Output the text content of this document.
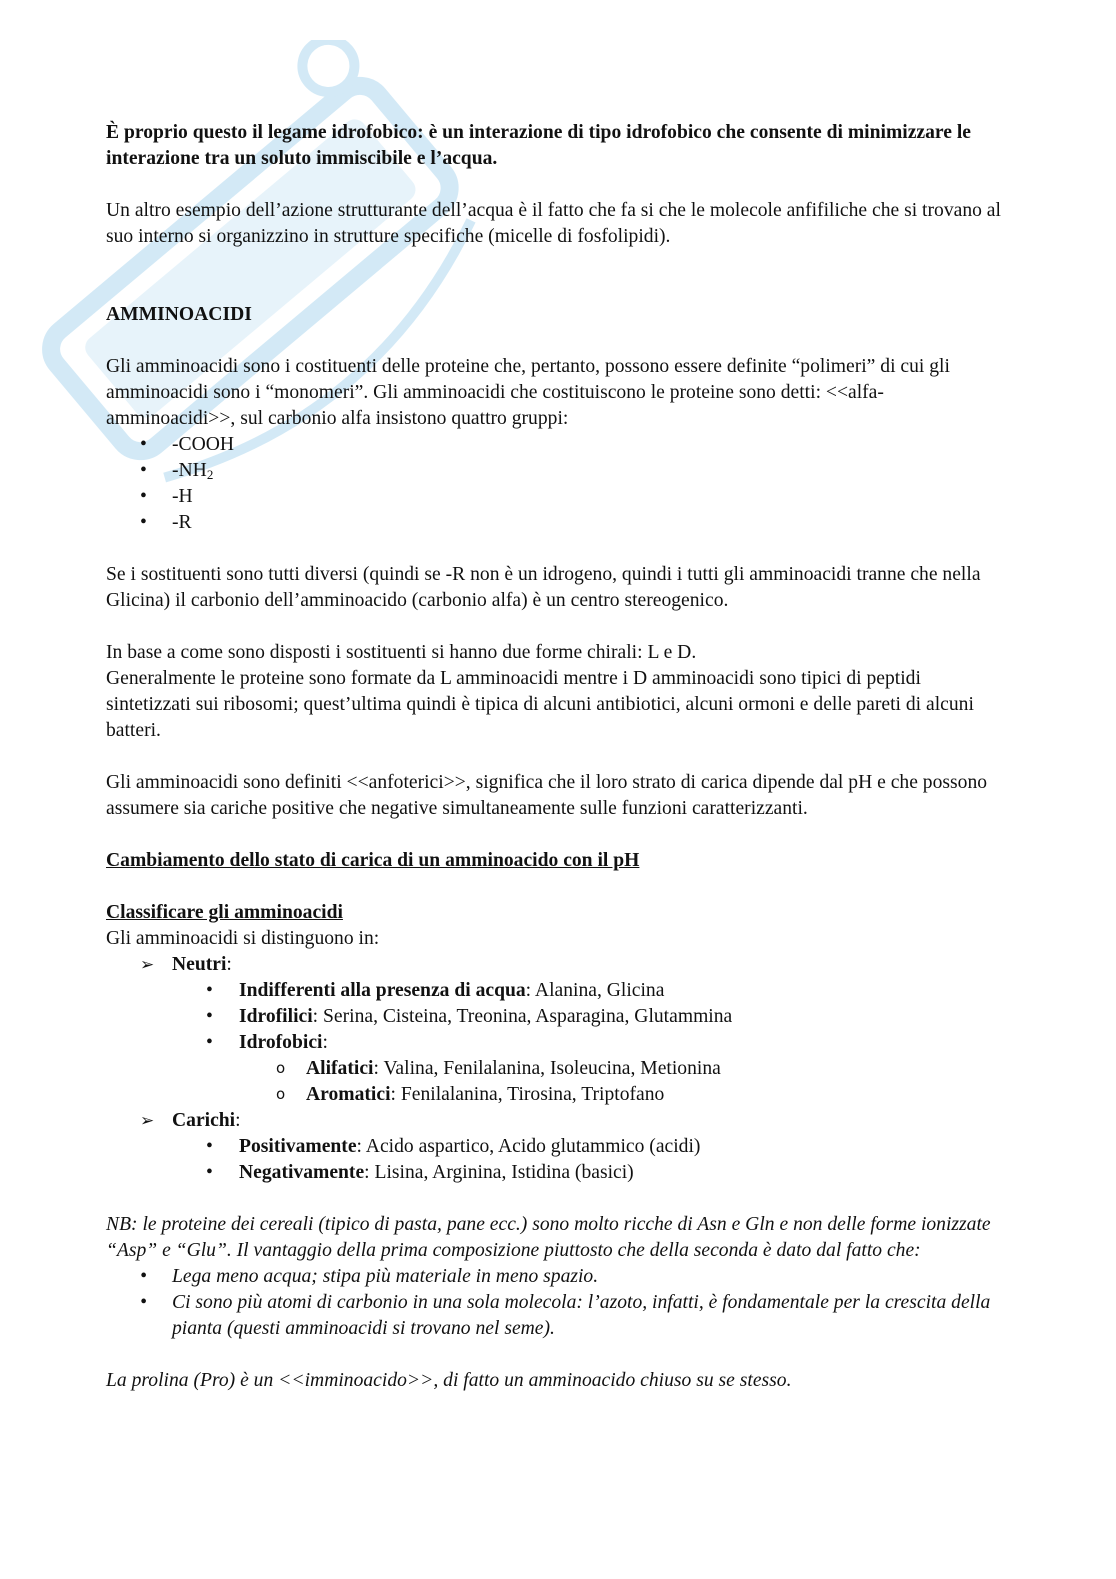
È proprio questo il legame idrofobico: è un interazione di tipo idrofobico che consente di minimizzare le interazione tra un soluto immiscibile e l’acqua.

Un altro esempio dell’azione strutturante dell’acqua è il fatto che fa si che le molecole anfifiliche che si trovano al suo interno si organizzino in strutture specifiche (micelle di fosfolipidi).

AMMINOACIDI

Gli amminoacidi sono i costituenti delle proteine che, pertanto, possono essere definite “polimeri” di cui gli amminoacidi sono i “monomeri”. Gli amminoacidi che costituiscono le proteine sono detti: <<alfa-amminoacidi>>, sul carbonio alfa insistono quattro gruppi:

• -COOH
• $-NH_2$
• -H
• -R

Se i sostituenti sono tutti diversi (quindi se -R non è un idrogeno, quindi i tutti gli amminoacidi tranne che nella Glicina) il carbonio dell’amminoacido (carbonio alfa) è un centro stereogenico.

In base a come sono disposti i sostituenti si hanno due forme chirali: L e D.

Generalmente le proteine sono formate da L amminoacidi mentre i D amminoacidi sono tipici di peptidi sintetizzati sui ribosomi; quest’ultima quindi è tipica di alcuni antibiotici, alcuni ormoni e delle pareti di alcuni batteri.

Gli amminoacidi sono definiti <<anfoterici>>, significa che il loro strato di carica dipende dal pH e che possono assumere sia cariche positive che negative simultaneamente sulle funzioni caratterizzanti.

Cambiamento dello stato di carica di un amminoacido con il pH

Classificare gli amminoacidi

Gli amminoacidi si distinguono in:

➢ Neutri:
• Indifferenti alla presenza di acqua: Alanina, Glicina
• Idrofilici: Serina, Cisteina, Treonina, Asparagina, Glutammina
• Idrofobici:
o Alifatici: Valina, Fenilalanina, Isoleucina, Metionina
o Aromatici: Fenilalanina, Tirosina, Triptofano
➢ Carichi:
• Positivamente: Acido aspartico, Acido glutammico (acidi)
• Negativamente: Lisina, Arginina, Istidina (basici)

NB: le proteine dei cereali (tipico di pasta, pane ecc.) sono molto ricche di Asn e Gln e non delle forme ionizzate “Asp” e “Glu”. Il vantaggio della prima composizione piuttosto che della seconda è dato dal fatto che:

• Lega meno acqua; stipa più materiale in meno spazio.
• Ci sono più atomi di carbonio in una sola molecola: l’azoto, infatti, è fondamentale per la crescita della pianta (questi amminoacidi si trovano nel seme).

La prolina (Pro) è un <<imminoacido>>, di fatto un amminoacido chiuso su se stesso.
